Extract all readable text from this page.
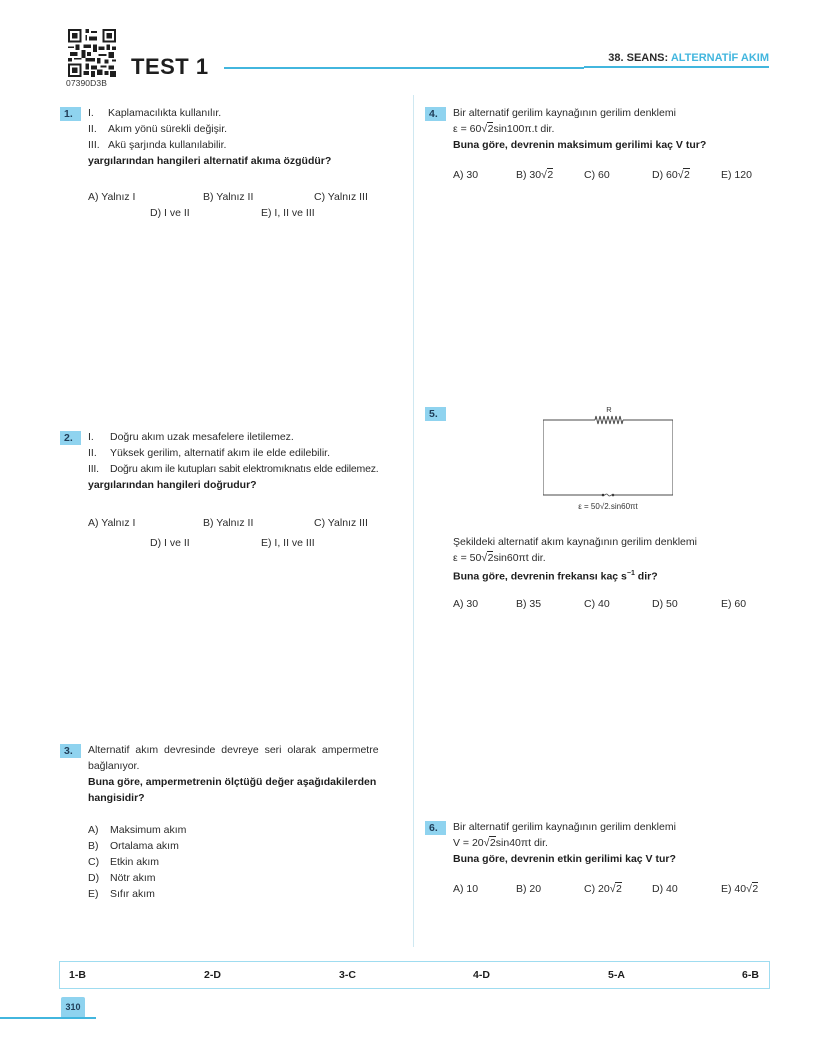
07390D3B
TEST 1	38. SEANS: ALTERNATİF AKIM
1.	I. Kaplamacılıkta kullanılır.
II. Akım yönü sürekli değişir.
III. Akü şarjında kullanılabilir.
yargılarından hangileri alternatif akıma özgüdür?
A) Yalnız I	B) Yalnız II	C) Yalnız III
D) I ve II	E) I, II ve III
2.	I. Doğru akım uzak mesafelere iletilemez.
II. Yüksek gerilim, alternatif akım ile elde edilebilir.
III. Doğru akım ile kutupları sabit elektromıknatıs elde edilemez.
yargılarından hangileri doğrudur?
A) Yalnız I	B) Yalnız II	C) Yalnız III
D) I ve II	E) I, II ve III
3.	Alternatif akım devresinde devreye seri olarak ampermetre
bağlanıyor.
Buna göre, ampermetrenin ölçtüğü değer aşağıdakilerden
hangisidir?
A) Maksimum akım
B) Ortalama akım
C) Etkin akım
D) Nötr akım
E) Sıfır akım
4.	Bir alternatif gerilim kaynağının gerilim denklemi
ε = 60√2sin100π.t dir.
Buna göre, devrenin maksimum gerilimi kaç V tur?
A) 30	B) 30√2	C) 60	D) 60√2	E) 120
5.	R
ε = 50√2.sin60πt
Şekildeki alternatif akım kaynağının gerilim denklemi
ε = 50√2sin60πt dir.
Buna göre, devrenin frekansı kaç $s^{-1}$ dir?
A) 30	B) 35	C) 40	D) 50	E) 60
6.	Bir alternatif gerilim kaynağının gerilim denklemi
V = 20√2sin40πt dir.
Buna göre, devrenin etkin gerilimi kaç V tur?
A) 10	B) 20	C) 20√2	D) 40	E) 40√2
1-B	2-D	3-C	4-D	5-A	6-B
310
